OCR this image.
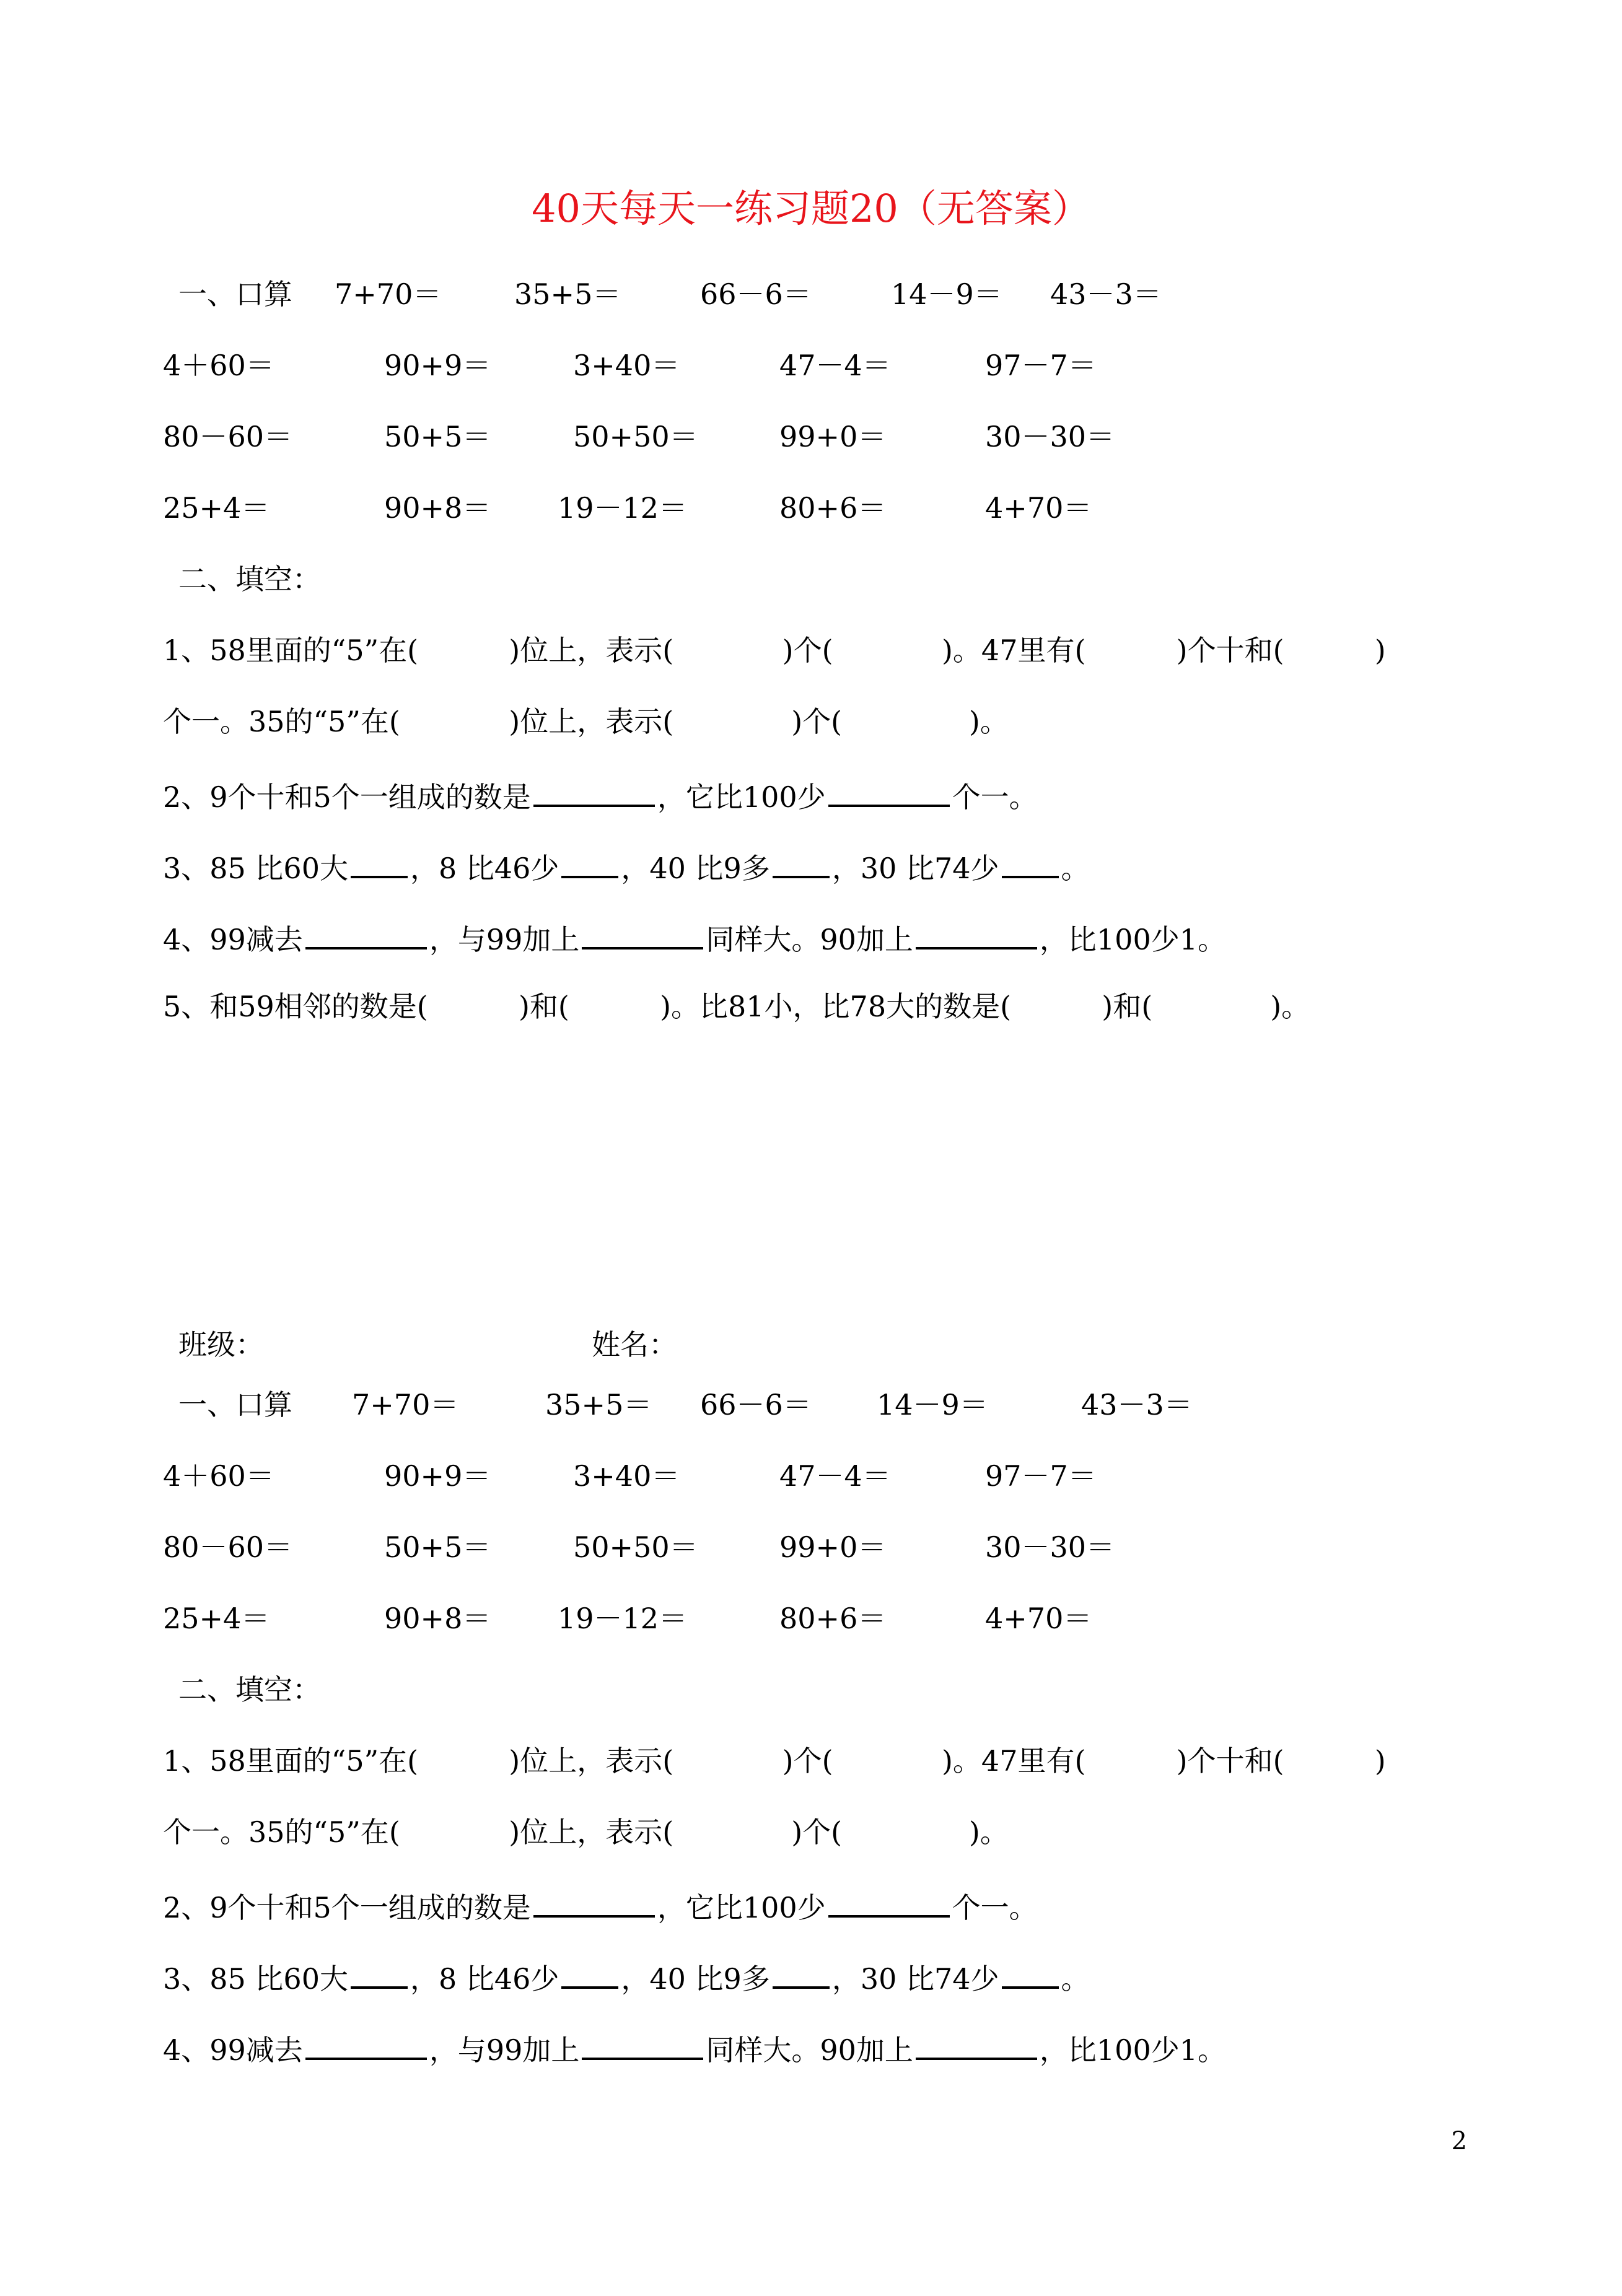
40天每天一练习题20（无答案）
一、口算 7+70＝	35+5＝	66－6＝	14－9＝ 43－3＝
4＋60＝	90+9＝	3+40＝	47－4＝	97－7＝
80－60＝	50+5＝	50+50＝	99+0＝	30－30＝
25+4＝	90+8＝ 19－12＝	80+6＝	4+70＝
二、填空：
1、58里面的“5”在(          )位上，表示(            )个(            )。47里有(          )个十和(          )
个一。35的“5”在(            )位上，表示(             )个(              )。
2、9个十和5个一组成的数是	，它比100少	个一。
3、85 比60大 ，8 比46少 ，40 比9多 ，30 比74少 。
4、99减去	，与99加上	同样大。90加上	，比100少1。
5、和59相邻的数是(          )和(          )。比81小，比78大的数是(          )和(             )。
班级：	姓名：
一、口算 7+70＝	35+5＝ 66－6＝ 14－9＝	43－3＝
4＋60＝	90+9＝	3+40＝	47－4＝	97－7＝
80－60＝	50+5＝	50+50＝	99+0＝	30－30＝
25+4＝	90+8＝ 19－12＝	80+6＝	4+70＝
二、填空：
1、58里面的“5”在(          )位上，表示(            )个(            )。47里有(          )个十和(          )
个一。35的“5”在(            )位上，表示(             )个(              )。
2、9个十和5个一组成的数是	，它比100少	个一。
3、85 比60大 ，8 比46少 ，40 比9多 ，30 比74少 。
4、99减去	，与99加上	同样大。90加上	，比100少1。
2
